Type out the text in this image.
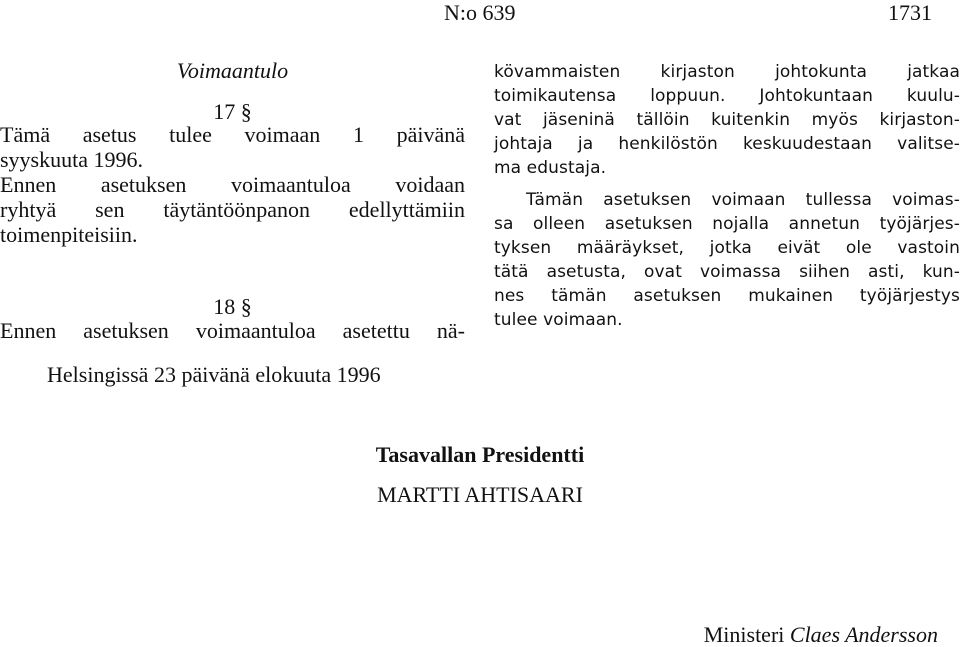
N:o 639	1731
Voimaantulo
17 §
Tämä asetus tulee voimaan 1 päivänä
syyskuuta 1996.
Ennen asetuksen voimaantuloa voidaan
ryhtyä sen täytäntöönpanon edellyttämiin
toimenpiteisiin.
18 §
Ennen asetuksen voimaantuloa asetettu nä-
kövammaisten kirjaston johtokunta jatkaa
toimikautensa loppuun. Johtokuntaan kuulu-
vat jäseninä tällöin kuitenkin myös kirjaston-
johtaja ja henkilöstön keskuudestaan valitse-
ma edustaja.
Tämän asetuksen voimaan tullessa voimas-
sa olleen asetuksen nojalla annetun työjärjes-
tyksen määräykset, jotka eivät ole vastoin
tätä asetusta, ovat voimassa siihen asti, kun-
nes tämän asetuksen mukainen työjärjestys
tulee voimaan.
Helsingissä 23 päivänä elokuuta 1996
Tasavallan Presidentti
MARTTI AHTISAARI
Ministeri Claes Andersson
